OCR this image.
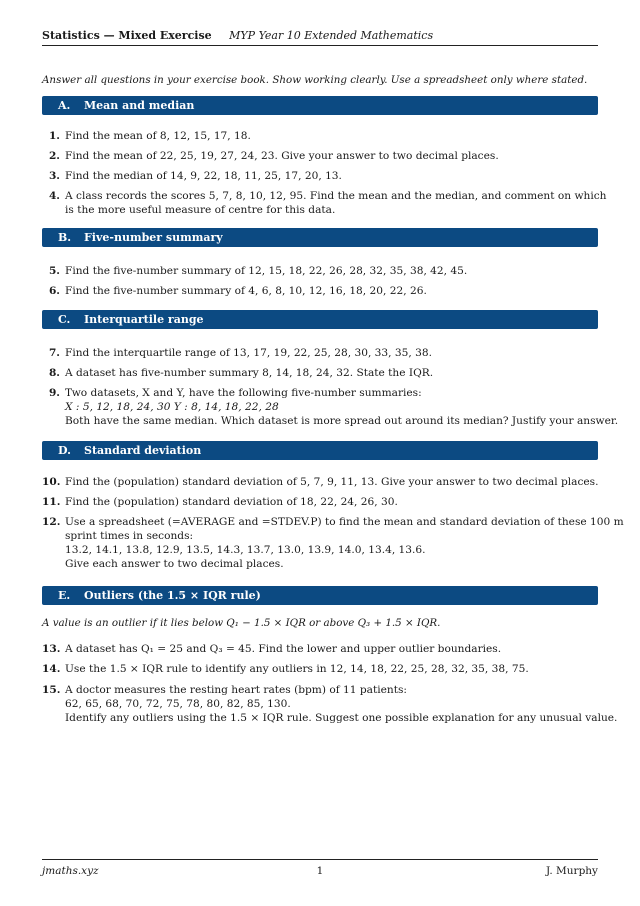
Statistics — Mixed Exercise MYP Year 10 Extended Mathematics
Answer all questions in your exercise book. Show working clearly. Use a spreadsheet only where stated.
A. Mean and median
1. Find the mean of 8, 12, 15, 17, 18.
2. Find the mean of 22, 25, 19, 27, 24, 23. Give your answer to two decimal places.
3. Find the median of 14, 9, 22, 18, 11, 25, 17, 20, 13.
4. A class records the scores 5, 7, 8, 10, 12, 95. Find the mean and the median, and comment on which
is the more useful measure of centre for this data.
B. Five-number summary
5. Find the five-number summary of 12, 15, 18, 22, 26, 28, 32, 35, 38, 42, 45.
6. Find the five-number summary of 4, 6, 8, 10, 12, 16, 18, 20, 22, 26.
C. Interquartile range
7. Find the interquartile range of 13, 17, 19, 22, 25, 28, 30, 33, 35, 38.
8. A dataset has five-number summary 8, 14, 18, 24, 32. State the IQR.
9. Two datasets, X and Y, have the following five-number summaries:
X : 5, 12, 18, 24, 30 Y : 8, 14, 18, 22, 28
Both have the same median. Which dataset is more spread out around its median? Justify your answer.
D. Standard deviation
10. Find the (population) standard deviation of 5, 7, 9, 11, 13. Give your answer to two decimal places.
11. Find the (population) standard deviation of 18, 22, 24, 26, 30.
12. Use a spreadsheet (=AVERAGE and =STDEV.P) to find the mean and standard deviation of these 100 m
sprint times in seconds:
13.2, 14.1, 13.8, 12.9, 13.5, 14.3, 13.7, 13.0, 13.9, 14.0, 13.4, 13.6.
Give each answer to two decimal places.
E. Outliers (the 1.5 × IQR rule)
A value is an outlier if it lies below Q₁ − 1.5 × IQR or above Q₃ + 1.5 × IQR.
13. A dataset has Q₁ = 25 and Q₃ = 45. Find the lower and upper outlier boundaries.
14. Use the 1.5 × IQR rule to identify any outliers in 12, 14, 18, 22, 25, 28, 32, 35, 38, 75.
15. A doctor measures the resting heart rates (bpm) of 11 patients:
62, 65, 68, 70, 72, 75, 78, 80, 82, 85, 130.
Identify any outliers using the 1.5 × IQR rule. Suggest one possible explanation for any unusual value.
jmaths.xyz	1	J. Murphy
